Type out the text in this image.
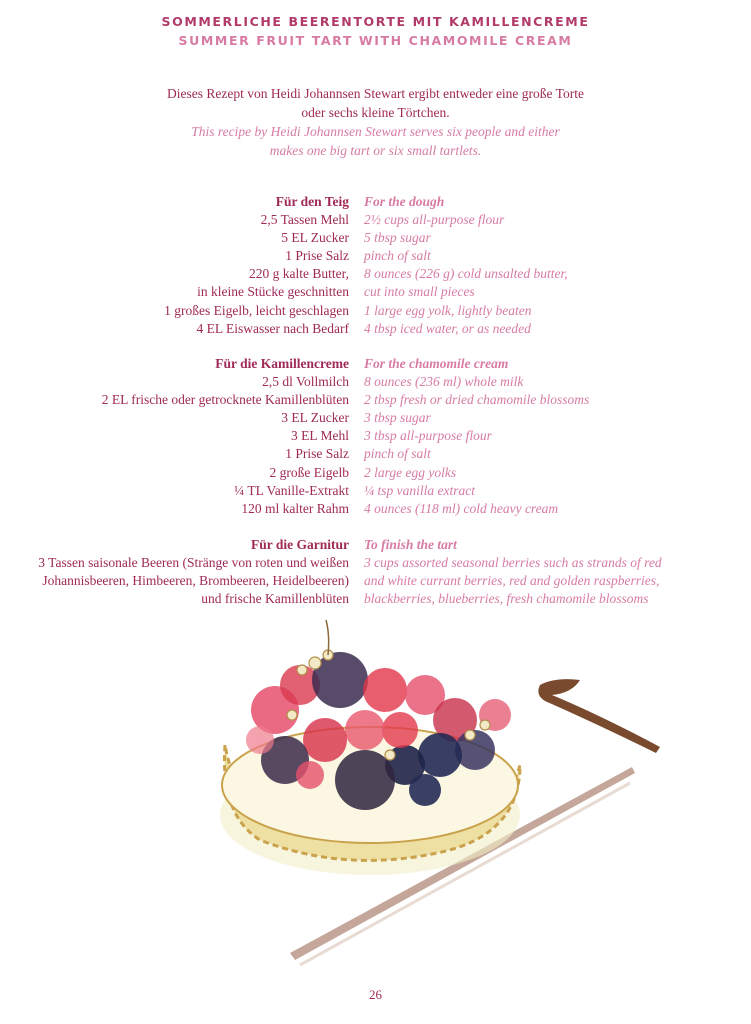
SOMMERLICHE BEERENTORTE MIT KAMILLENCREME
SUMMER FRUIT TART WITH CHAMOMILE CREAM
Dieses Rezept von Heidi Johannsen Stewart ergibt entweder eine große Torte
oder sechs kleine Törtchen.
This recipe by Heidi Johannsen Stewart serves six people and either
makes one big tart or six small tartlets.
Für den Teig	For the dough
2,5 Tassen Mehl	2½ cups all-purpose flour
5 EL Zucker	5 tbsp sugar
1 Prise Salz	pinch of salt
220 g kalte Butter,	8 ounces (226 g) cold unsalted butter,
in kleine Stücke geschnitten	cut into small pieces
1 großes Eigelb, leicht geschlagen	1 large egg yolk, lightly beaten
4 EL Eiswasser nach Bedarf	4 tbsp iced water, or as needed
Für die Kamillencreme	For the chamomile cream
2,5 dl Vollmilch	8 ounces (236 ml) whole milk
2 EL frische oder getrocknete Kamillenblüten	2 tbsp fresh or dried chamomile blossoms
3 EL Zucker	3 tbsp sugar
3 EL Mehl	3 tbsp all-purpose flour
1 Prise Salz	pinch of salt
2 große Eigelb	2 large egg yolks
¼ TL Vanille-Extrakt	¼ tsp vanilla extract
120 ml kalter Rahm	4 ounces (118 ml) cold heavy cream
Für die Garnitur	To finish the tart
3 Tassen saisonale Beeren (Stränge von roten und weißen	3 cups assorted seasonal berries such as strands of red
Johannisbeeren, Himbeeren, Brombeeren, Heidelbeeren)	and white currant berries, red and golden raspberries,
und frische Kamillenblüten	blackberries, blueberries, fresh chamomile blossoms
26
